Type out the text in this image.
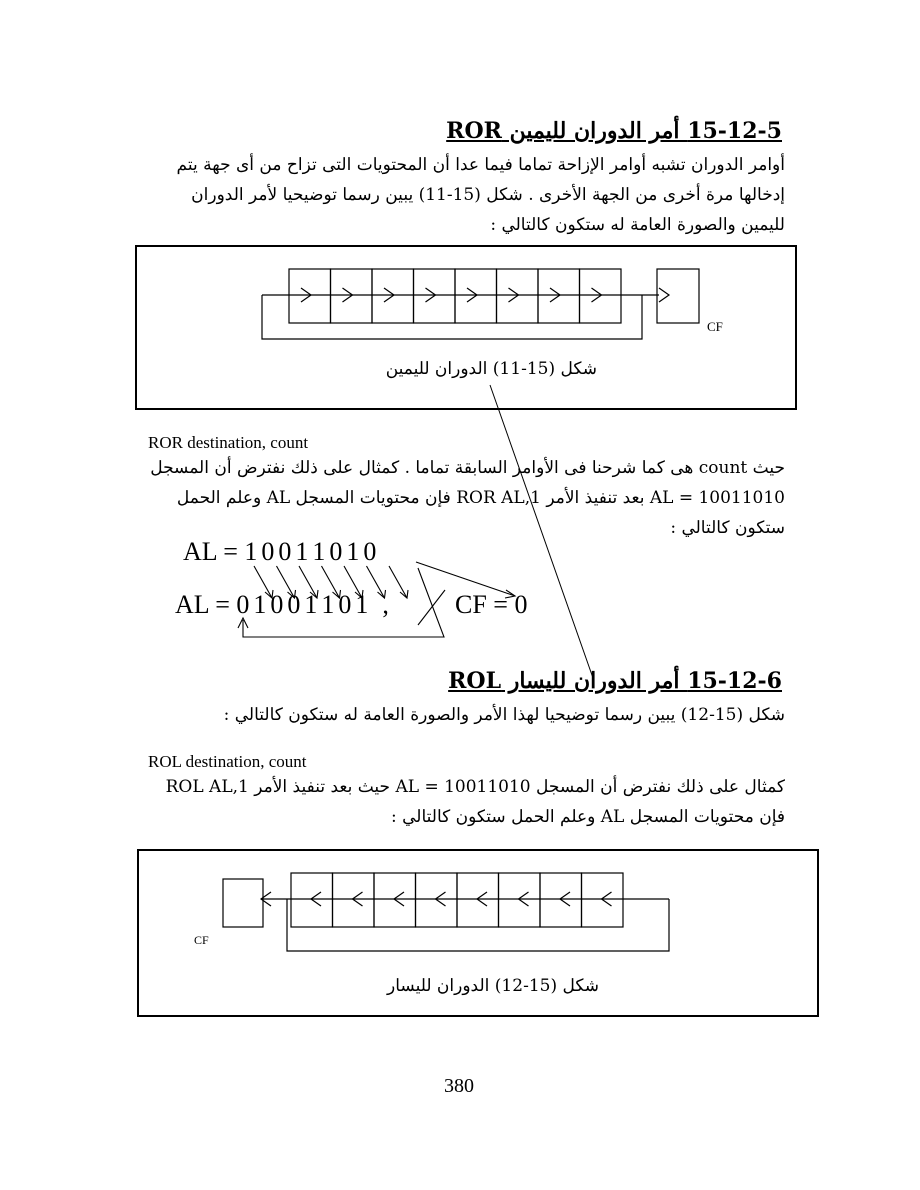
15-12-5 أمر الدوران لليمين ROR
أوامر الدوران تشبه أوامر الإزاحة تماما فيما عدا أن المحتويات التى تزاح من أى جهة يتم إدخالها مرة أخرى من الجهة الأخرى . شكل (15-11) يبين رسما توضيحيا لأمر الدوران لليمين والصورة العامة له ستكون كالتالي :
CF
شكل (15-11) الدوران لليمين
ROR destination, count
حيث count هى كما شرحنا فى الأوامر السابقة تماما . كمثال على ذلك نفترض أن المسجل AL = 10011010 بعد تنفيذ الأمر ROR AL,1 فإن محتويات المسجل AL وعلم الحمل ستكون كالتالي :
AL = 1 0 0 1 1 0 1 0
AL = 0 1 0 0 1 1 0 1 ,	CF = 0
15-12-6 أمر الدوران لليسار ROL
شكل (15-12) يبين رسما توضيحيا لهذا الأمر والصورة العامة له ستكون كالتالي :
ROL destination, count
كمثال على ذلك نفترض أن المسجل AL = 10011010 حيث بعد تنفيذ الأمر ROL AL,1 فإن محتويات المسجل AL وعلم الحمل ستكون كالتالي :
CF
شكل (15-12) الدوران لليسار
380
